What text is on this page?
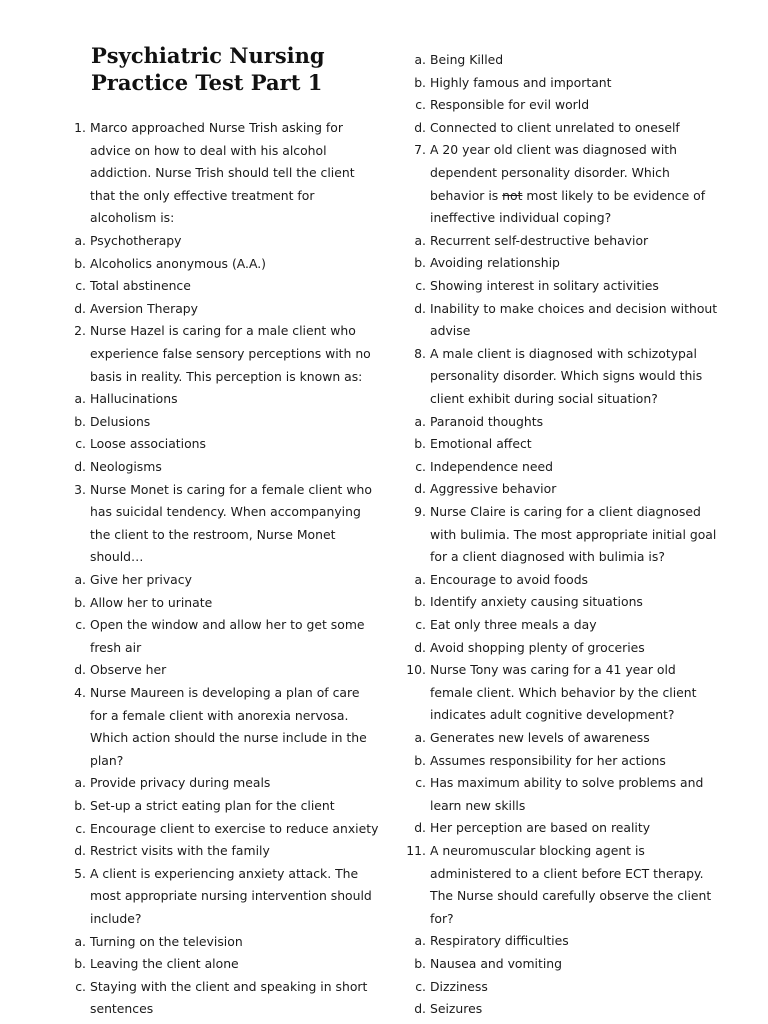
Psychiatric Nursing
Practice Test Part 1
1. Marco approached Nurse Trish asking for
advice on how to deal with his alcohol
addiction. Nurse Trish should tell the client
that the only effective treatment for
alcoholism is:
a. Psychotherapy
b. Alcoholics anonymous (A.A.)
c. Total abstinence
d. Aversion Therapy
2. Nurse Hazel is caring for a male client who
experience false sensory perceptions with no
basis in reality. This perception is known as:
a. Hallucinations
b. Delusions
c. Loose associations
d. Neologisms
3. Nurse Monet is caring for a female client who
has suicidal tendency. When accompanying
the client to the restroom, Nurse Monet
should…
a. Give her privacy
b. Allow her to urinate
c. Open the window and allow her to get some
fresh air
d. Observe her
4. Nurse Maureen is developing a plan of care
for a female client with anorexia nervosa.
Which action should the nurse include in the
plan?
a. Provide privacy during meals
b. Set-up a strict eating plan for the client
c. Encourage client to exercise to reduce anxiety
d. Restrict visits with the family
5. A client is experiencing anxiety attack. The
most appropriate nursing intervention should
include?
a. Turning on the television
b. Leaving the client alone
c. Staying with the client and speaking in short
sentences
a. Being Killed
b. Highly famous and important
c. Responsible for evil world
d. Connected to client unrelated to oneself
7. A 20 year old client was diagnosed with
dependent personality disorder. Which
behavior is not most likely to be evidence of
ineffective individual coping?
a. Recurrent self-destructive behavior
b. Avoiding relationship
c. Showing interest in solitary activities
d. Inability to make choices and decision without
advise
8. A male client is diagnosed with schizotypal
personality disorder. Which signs would this
client exhibit during social situation?
a. Paranoid thoughts
b. Emotional affect
c. Independence need
d. Aggressive behavior
9. Nurse Claire is caring for a client diagnosed
with bulimia. The most appropriate initial goal
for a client diagnosed with bulimia is?
a. Encourage to avoid foods
b. Identify anxiety causing situations
c. Eat only three meals a day
d. Avoid shopping plenty of groceries
10. Nurse Tony was caring for a 41 year old
female client. Which behavior by the client
indicates adult cognitive development?
a. Generates new levels of awareness
b. Assumes responsibility for her actions
c. Has maximum ability to solve problems and
learn new skills
d. Her perception are based on reality
11. A neuromuscular blocking agent is
administered to a client before ECT therapy.
The Nurse should carefully observe the client
for?
a. Respiratory difficulties
b. Nausea and vomiting
c. Dizziness
d. Seizures
